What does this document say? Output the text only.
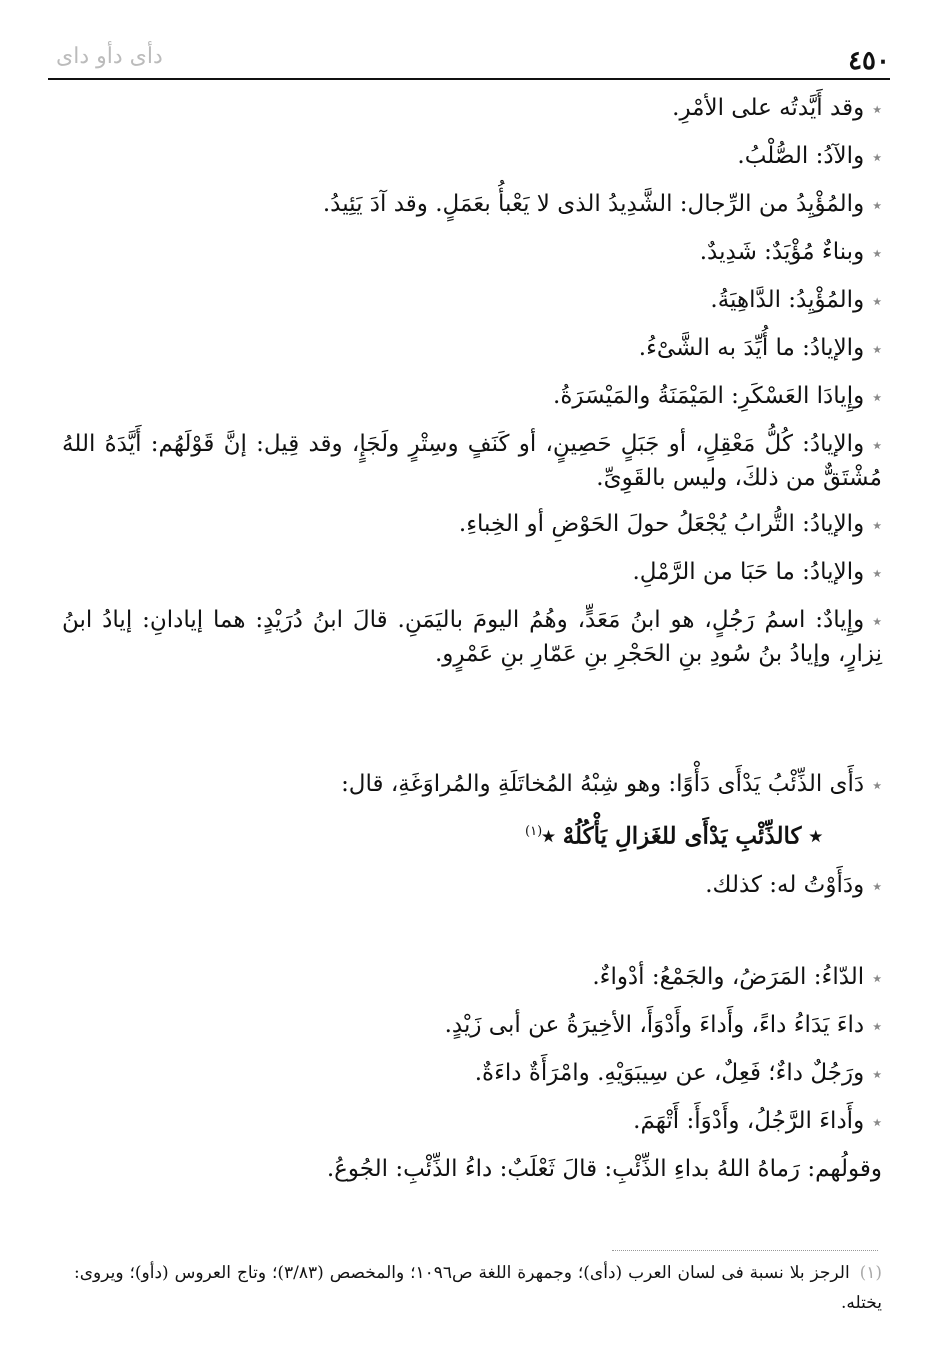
دأى دأو داى	٤٥٠
٭وقد أَيَّدتُه على الأمْرِ.
٭والآدُ: الصُّلْبُ.
٭والمُؤْيِدُ من الرِّجال: الشَّدِيدُ الذى لا يَعْبأُ بعَمَلٍ. وقد آدَ يَئِيدُ.
٭وبناءٌ مُؤْيَدٌ: شَدِيدٌ.
٭والمُؤْيِدُ: الدَّاهِيَةُ.
٭والإيادُ: ما أُيِّدَ به الشَّىْءُ.
٭وإِيادَا العَسْكَرِ: المَيْمَنَةُ والمَيْسَرَةُ.
٭والإيادُ: كُلُّ مَعْقِلٍ، أو جَبَلٍ حَصِينٍ، أو كَنَفٍ وسِتْرٍ ولَجَإٍ، وقد قِيل: إنَّ قَوْلَهُم: أَيَّدَهُ اللهُ مُشْتَقٌّ من ذلكَ، وليس بالقَوِىِّ.
٭والإيادُ: التُّرابُ يُجْعَلُ حولَ الحَوْضِ أو الخِباءِ.
٭والإيادُ: ما حَبَا من الرَّمْلِ.
٭وإِيادٌ: اسمُ رَجُلٍ، هو ابنُ مَعَدٍّ، وهُمُ اليومَ باليَمَنِ. قالَ ابنُ دُرَيْدٍ: هما إيادانِ: إيادُ ابنُ نِزارٍ، وإيادُ بنُ سُودِ بنِ الحَجْرِ بنِ عَمّارِ بنِ عَمْرٍو.
٭دَأَى الذِّئْبُ يَدْأَى دَأْوًا: وهو شِبْهُ المُخاتَلَةِ والمُراوَغَةِ، قال:
٭ كالذِّئْبِ يَدْأَى للغَزالِ يَأْكُلُهْ ٭$^{(١)}$
٭ودَأَوْتُ له: كذلك.
٭الدّاءُ: المَرَضُ، والجَمْعُ: أدْواءٌ.
٭داءَ يَدَاءُ داءً، وأَداءَ وأَدْوَأَ، الأخِيرَةُ عن أبى زَيْدٍ.
٭ورَجُلٌ داءٌ؛ فَعِلٌ، عن سِيبَوَيْهِ. وامْرَأَةٌ داءَةٌ.
٭وأَداءَ الرَّجُلُ، وأَدْوَأَ: أَتْهَمَ.
وقولُهم: رَماهُ اللهُ بداءِ الذِّئْبِ: قالَ ثَعْلَبٌ: داءُ الذِّئْبِ: الجُوعُ.
(١) الرجز بلا نسبة فى لسان العرب (دأى)؛ وجمهرة اللغة ص١٠٩٦؛ والمخصص (٣/٨٣)؛ وتاج العروس (دأو)؛ ويروى: يختله.
